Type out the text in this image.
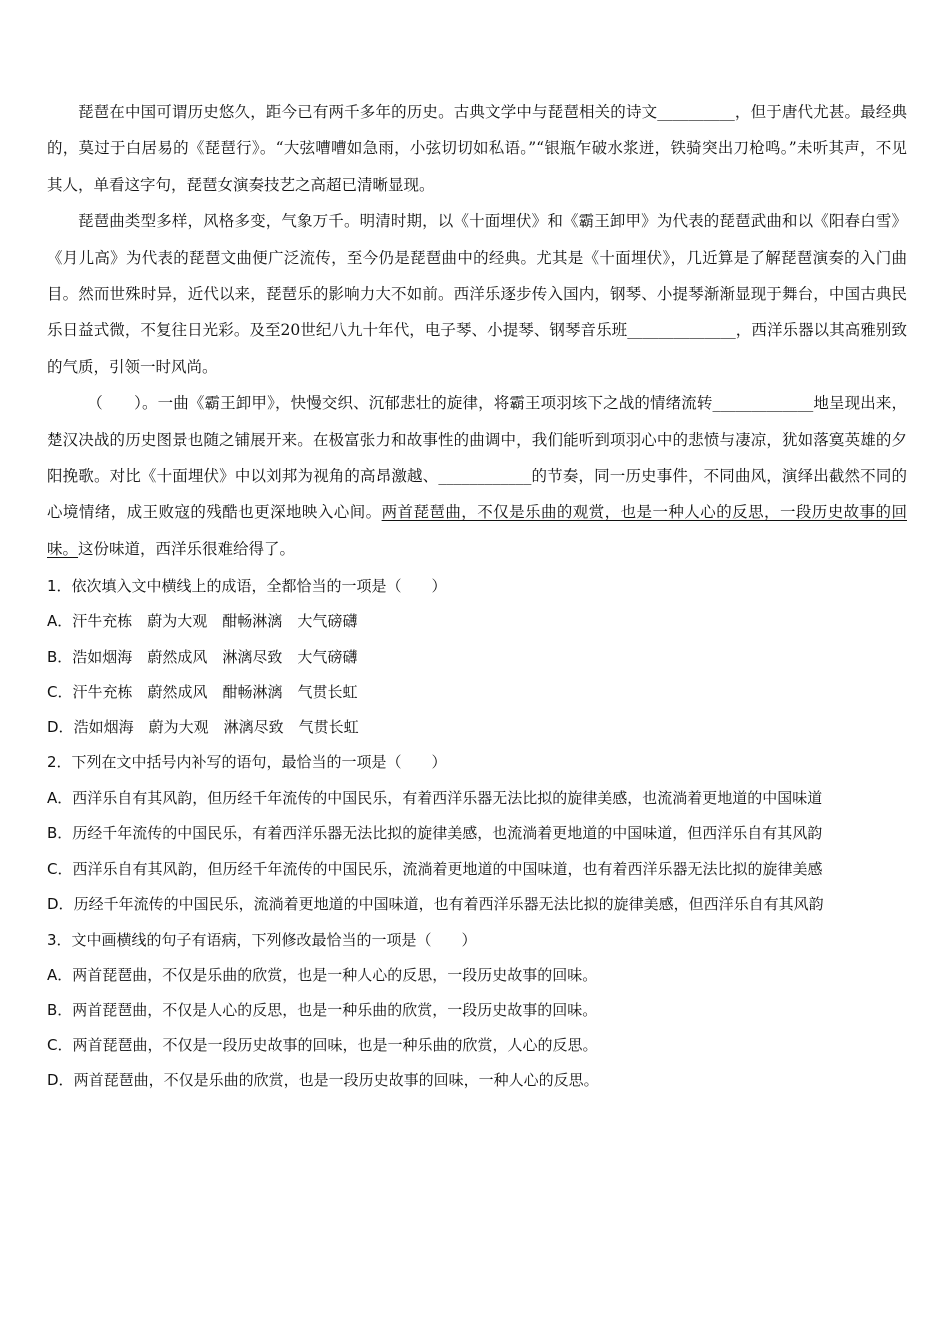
琵琶在中国可谓历史悠久，距今已有两千多年的历史。古典文学中与琵琶相关的诗文__________，但于唐代尤甚。最经典的，莫过于白居易的《琵琶行》。“大弦嘈嘈如急雨，小弦切切如私语。”“银瓶乍破水浆迸，铁骑突出刀枪鸣。”未听其声，不见其人，单看这字句，琵琶女演奏技艺之高超已清晰显现。

琵琶曲类型多样，风格多变，气象万千。明清时期，以《十面埋伏》和《霸王卸甲》为代表的琵琶武曲和以《阳春白雪》《月儿高》为代表的琵琶文曲便广泛流传，至今仍是琵琶曲中的经典。尤其是《十面埋伏》，几近算是了解琵琶演奏的入门曲目。然而世殊时异，近代以来，琵琶乐的影响力大不如前。西洋乐逐步传入国内，钢琴、小提琴渐渐显现于舞台，中国古典民乐日益式微，不复往日光彩。及至20世纪八九十年代，电子琴、小提琴、钢琴音乐班______________，西洋乐器以其高雅别致的气质，引领一时风尚。

（　　）。一曲《霸王卸甲》，快慢交织、沉郁悲壮的旋律，将霸王项羽垓下之战的情绪流转_____________地呈现出来，楚汉决战的历史图景也随之铺展开来。在极富张力和故事性的曲调中，我们能听到项羽心中的悲愤与凄凉，犹如落寞英雄的夕阳挽歌。对比《十面埋伏》中以刘邦为视角的高昂激越、____________的节奏，同一历史事件，不同曲风，演绎出截然不同的心境情绪，成王败寇的残酷也更深地映入心间。两首琵琶曲，不仅是乐曲的观赏，也是一种人心的反思，一段历史故事的回味。这份味道，西洋乐很难给得了。

1．依次填入文中横线上的成语，全都恰当的一项是（　　）
A．汗牛充栋 蔚为大观 酣畅淋漓 大气磅礴
B．浩如烟海 蔚然成风 淋漓尽致 大气磅礴
C．汗牛充栋 蔚然成风 酣畅淋漓 气贯长虹
D．浩如烟海 蔚为大观 淋漓尽致 气贯长虹
2．下列在文中括号内补写的语句，最恰当的一项是（　　）
A．西洋乐自有其风韵，但历经千年流传的中国民乐，有着西洋乐器无法比拟的旋律美感，也流淌着更地道的中国味道
B．历经千年流传的中国民乐，有着西洋乐器无法比拟的旋律美感，也流淌着更地道的中国味道，但西洋乐自有其风韵
C．西洋乐自有其风韵，但历经千年流传的中国民乐，流淌着更地道的中国味道，也有着西洋乐器无法比拟的旋律美感
D．历经千年流传的中国民乐，流淌着更地道的中国味道，也有着西洋乐器无法比拟的旋律美感，但西洋乐自有其风韵
3．文中画横线的句子有语病，下列修改最恰当的一项是（　　）
A．两首琵琶曲，不仅是乐曲的欣赏，也是一种人心的反思，一段历史故事的回味。
B．两首琵琶曲，不仅是人心的反思，也是一种乐曲的欣赏，一段历史故事的回味。
C．两首琵琶曲，不仅是一段历史故事的回味，也是一种乐曲的欣赏，人心的反思。
D．两首琵琶曲，不仅是乐曲的欣赏，也是一段历史故事的回味，一种人心的反思。
